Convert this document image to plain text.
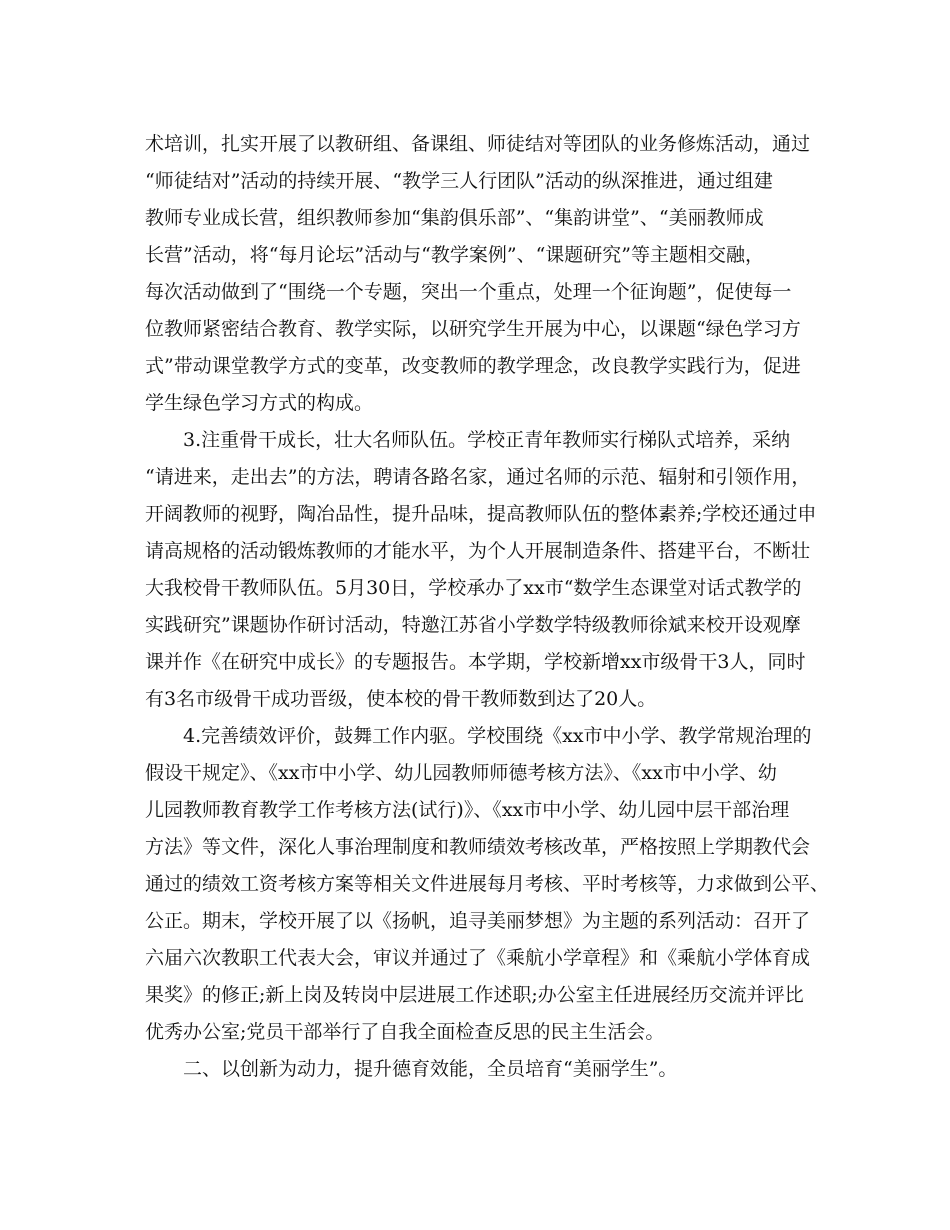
术培训，扎实开展了以教研组、备课组、师徒结对等团队的业务修炼活动，通过
“师徒结对”活动的持续开展、“教学三人行团队”活动的纵深推进，通过组建
教师专业成长营，组织教师参加“集韵俱乐部”、“集韵讲堂”、“美丽教师成
长营”活动，将“每月论坛”活动与“教学案例”、“课题研究”等主题相交融，
每次活动做到了“围绕一个专题，突出一个重点，处理一个征询题”，促使每一
位教师紧密结合教育、教学实际，以研究学生开展为中心，以课题“绿色学习方
式”带动课堂教学方式的变革，改变教师的教学理念，改良教学实践行为，促进
学生绿色学习方式的构成。
3.注重骨干成长，壮大名师队伍。学校正青年教师实行梯队式培养，采纳
“请进来，走出去”的方法，聘请各路名家，通过名师的示范、辐射和引领作用，
开阔教师的视野，陶冶品性，提升品味，提高教师队伍的整体素养;学校还通过申
请高规格的活动锻炼教师的才能水平，为个人开展制造条件、搭建平台，不断壮
大我校骨干教师队伍。5月30日，学校承办了xx市“数学生态课堂对话式教学的
实践研究”课题协作研讨活动，特邀江苏省小学数学特级教师徐斌来校开设观摩
课并作《在研究中成长》的专题报告。本学期，学校新增xx市级骨干3人，同时
有3名市级骨干成功晋级，使本校的骨干教师数到达了20人。
4.完善绩效评价，鼓舞工作内驱。学校围绕《xx市中小学、教学常规治理的
假设干规定》、《xx市中小学、幼儿园教师师德考核方法》、《xx市中小学、幼
儿园教师教育教学工作考核方法(试行)》、《xx市中小学、幼儿园中层干部治理
方法》等文件，深化人事治理制度和教师绩效考核改革，严格按照上学期教代会
通过的绩效工资考核方案等相关文件进展每月考核、平时考核等，力求做到公平、
公正。期末，学校开展了以《扬帆，追寻美丽梦想》为主题的系列活动：召开了
六届六次教职工代表大会，审议并通过了《乘航小学章程》和《乘航小学体育成
果奖》的修正;新上岗及转岗中层进展工作述职;办公室主任进展经历交流并评比
优秀办公室;党员干部举行了自我全面检查反思的民主生活会。
二、以创新为动力，提升德育效能，全员培育“美丽学生”。
